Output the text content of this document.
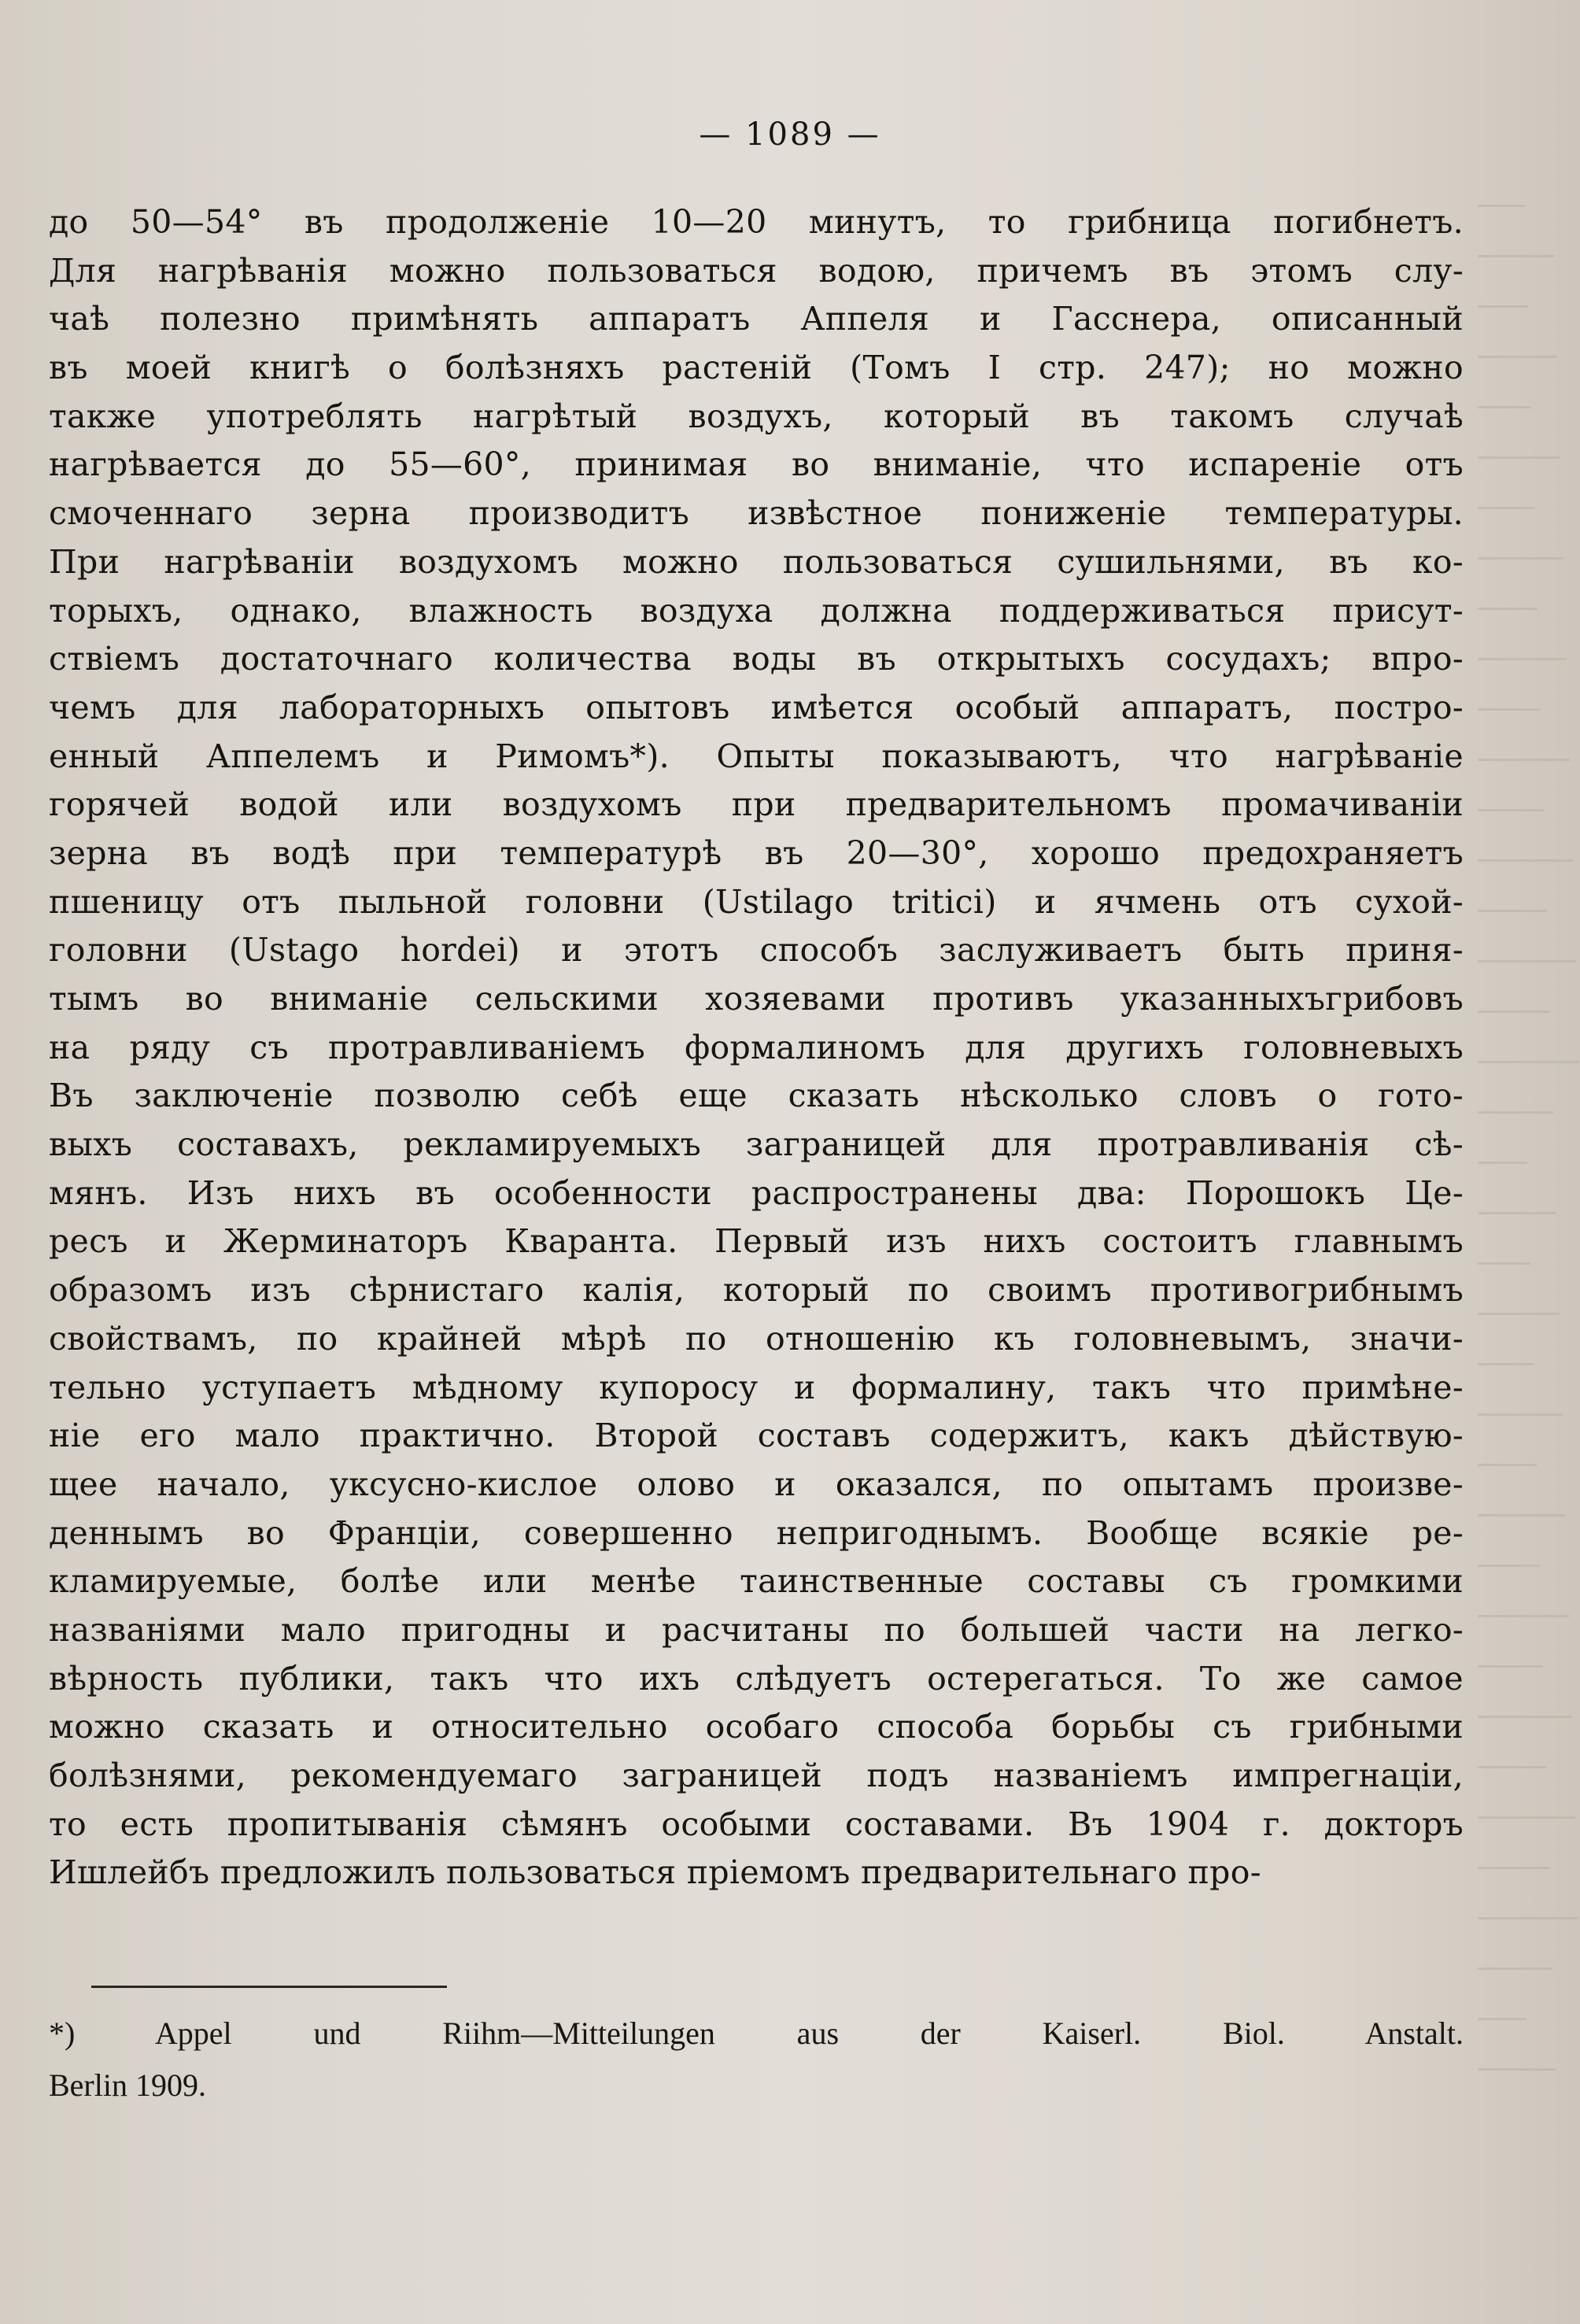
— 1089 —
до 50—54° въ продолженіе 10—20 минутъ, то грибница погибнетъ.
Для нагрѣванія можно пользоваться водою, причемъ въ этомъ слу-
чаѣ полезно примѣнять аппаратъ Аппеля и Гасснера, описанный
въ моей книгѣ о болѣзняхъ растеній (Томъ I стр. 247); но можно
также употреблять нагрѣтый воздухъ, который въ такомъ случаѣ
нагрѣвается до 55—60°, принимая во вниманіе, что испареніе отъ
смоченнаго зерна производитъ извѣстное пониженіе температуры.
При нагрѣваніи воздухомъ можно пользоваться сушильнями, въ ко-
торыхъ, однако, влажность воздуха должна поддерживаться присут-
ствіемъ достаточнаго количества воды въ открытыхъ сосудахъ; впро-
чемъ для лабораторныхъ опытовъ имѣется особый аппаратъ, постро-
енный Аппелемъ и Римомъ*). Опыты показываютъ, что нагрѣваніе
горячей водой или воздухомъ при предварительномъ промачиваніи
зерна въ водѣ при температурѣ въ 20—30°, хорошо предохраняетъ
пшеницу отъ пыльной головни (Ustilago tritici) и ячмень отъ сухой-
головни (Ustago hordei) и этотъ способъ заслуживаетъ быть приня-
тымъ во вниманіе сельскими хозяевами противъ указанныхъгрибовъ
на ряду съ протравливаніемъ формалиномъ для другихъ головневыхъ
Въ заключеніе позволю себѣ еще сказать нѣсколько словъ о гото-
выхъ составахъ, рекламируемыхъ заграницей для протравливанія сѣ-
мянъ. Изъ нихъ въ особенности распространены два: Порошокъ Це-
ресъ и Жерминаторъ Кваранта. Первый изъ нихъ состоитъ главнымъ
образомъ изъ сѣрнистаго калія, который по своимъ противогрибнымъ
свойствамъ, по крайней мѣрѣ по отношенію къ головневымъ, значи-
тельно уступаетъ мѣдному купоросу и формалину, такъ что примѣне-
ніе его мало практично. Второй составъ содержитъ, какъ дѣйствую-
щее начало, уксусно-кислое олово и оказался, по опытамъ произве-
деннымъ во Франціи, совершенно непригоднымъ. Вообще всякіе ре-
кламируемые, болѣе или менѣе таинственные составы съ громкими
названіями мало пригодны и расчитаны по большей части на легко-
вѣрность публики, такъ что ихъ слѣдуетъ остерегаться. То же самое
можно сказать и относительно особаго способа борьбы съ грибными
болѣзнями, рекомендуемаго заграницей подъ названіемъ импрегнаціи,
то есть пропитыванія сѣмянъ особыми составами. Въ 1904 г. докторъ
Ишлейбъ предложилъ пользоваться пріемомъ предварительнаго про-
*) Appel und Riihm—Mitteilungen aus der Kaiserl. Biol. Anstalt.
Berlin 1909.
